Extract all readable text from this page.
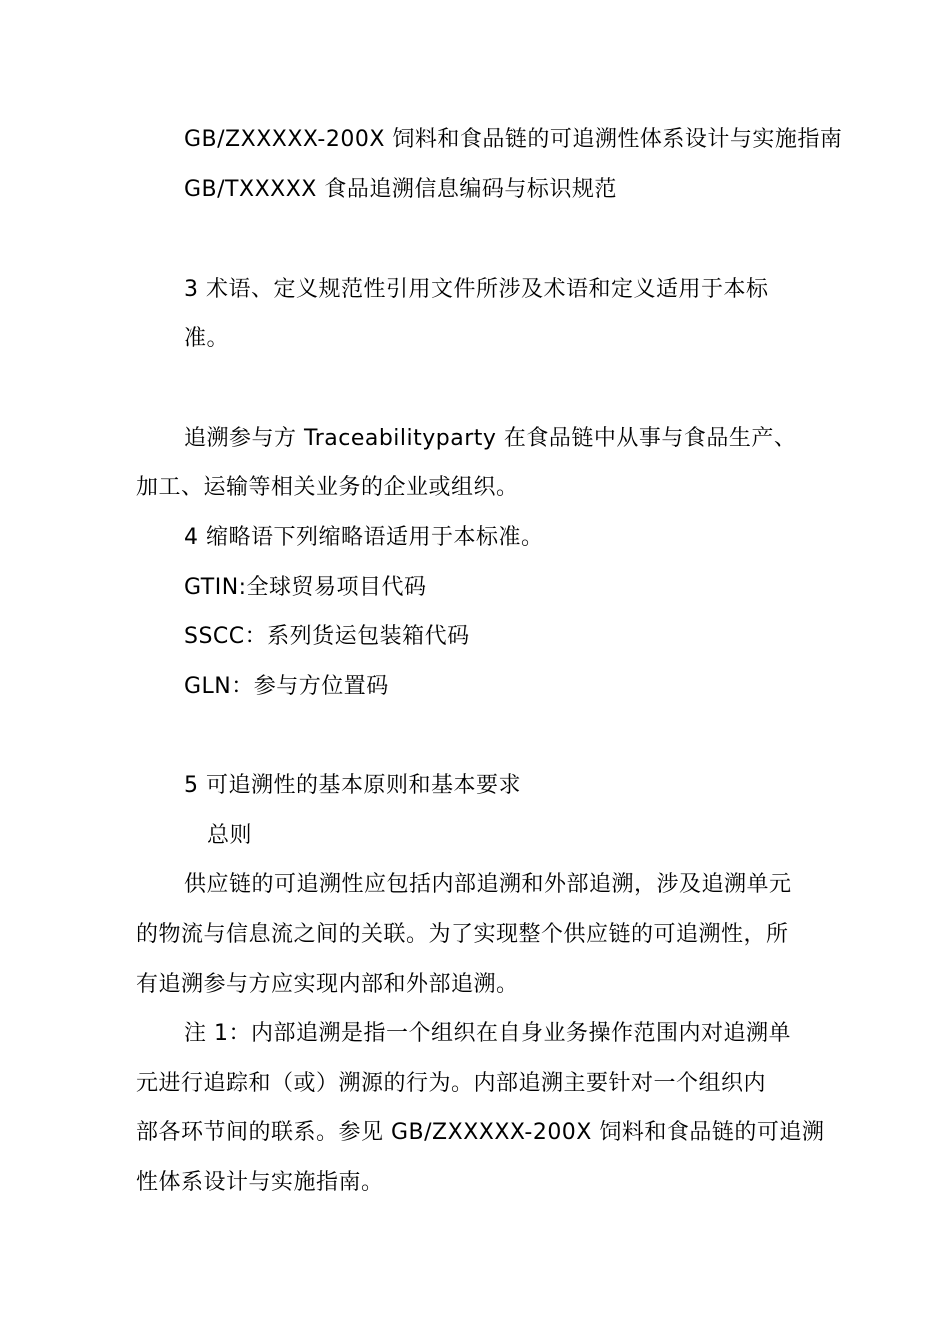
GB/ZXXXXX-200X 饲料和食品链的可追溯性体系设计与实施指南
GB/TXXXXX 食品追溯信息编码与标识规范
3 术语、定义规范性引用文件所涉及术语和定义适用于本标
准。
追溯参与方 Traceabilityparty 在食品链中从事与食品生产、
加工、运输等相关业务的企业或组织。
4 缩略语下列缩略语适用于本标准。
GTIN:全球贸易项目代码
SSCC：系列货运包装箱代码
GLN：参与方位置码
5 可追溯性的基本原则和基本要求
总则
供应链的可追溯性应包括内部追溯和外部追溯，涉及追溯单元
的物流与信息流之间的关联。为了实现整个供应链的可追溯性，所
有追溯参与方应实现内部和外部追溯。
注 1：内部追溯是指一个组织在自身业务操作范围内对追溯单
元进行追踪和（或）溯源的行为。内部追溯主要针对一个组织内
部各环节间的联系。参见 GB/ZXXXXX-200X 饲料和食品链的可追溯
性体系设计与实施指南。
